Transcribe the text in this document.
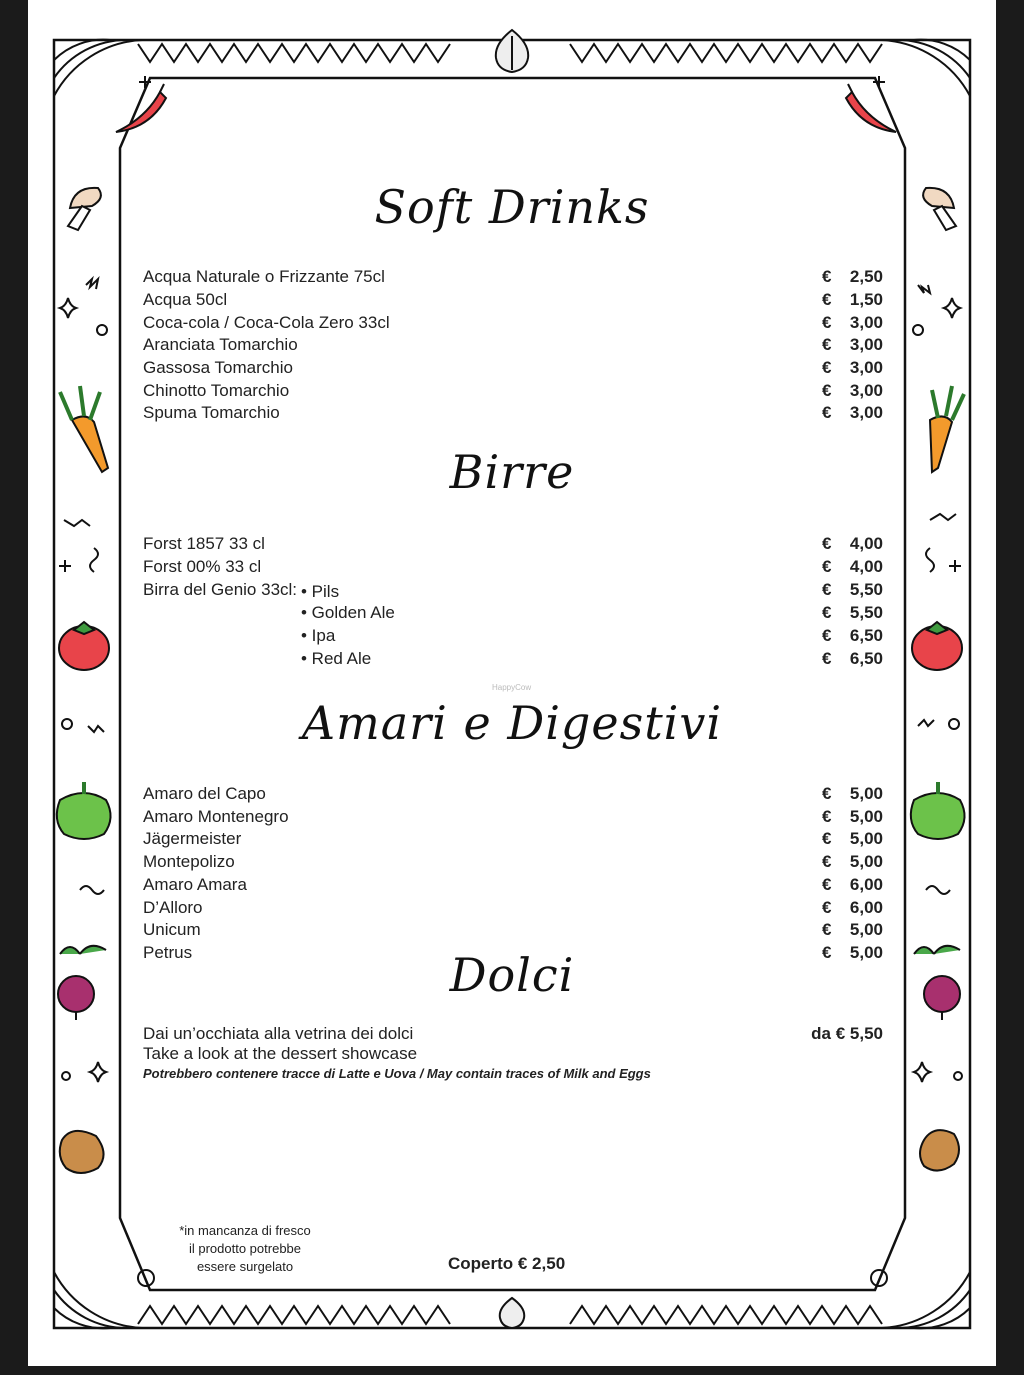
Soft Drinks
Acqua Naturale o Frizzante 75cl	€ 2,50
Acqua 50cl	€ 1,50
Coca-cola / Coca-Cola Zero 33cl	€ 3,00
Aranciata Tomarchio	€ 3,00
Gassosa Tomarchio	€ 3,00
Chinotto Tomarchio	€ 3,00
Spuma Tomarchio	€ 3,00
Birre
Forst 1857 33 cl	€ 4,00
Forst 00% 33 cl	€ 4,00
Birra del Genio 33cl: • Pils	€ 5,50
• Golden Ale	€ 5,50
• Ipa	€ 6,50
• Red Ale	€ 6,50
HappyCow
Amari e Digestivi
Amaro del Capo	€ 5,00
Amaro Montenegro	€ 5,00
Jägermeister	€ 5,00
Montepolizo	€ 5,00
Amaro Amara	€ 6,00
D’Alloro	€ 6,00
Unicum	€ 5,00
Petrus	€ 5,00
Dolci
Dai un’occhiata alla vetrina dei dolci
Take a look at the dessert showcase
da € 5,50
Potrebbero contenere tracce di Latte e Uova / May contain traces of Milk and Eggs
*in mancanza di fresco
il prodotto potrebbe
essere surgelato	Coperto € 2,50
